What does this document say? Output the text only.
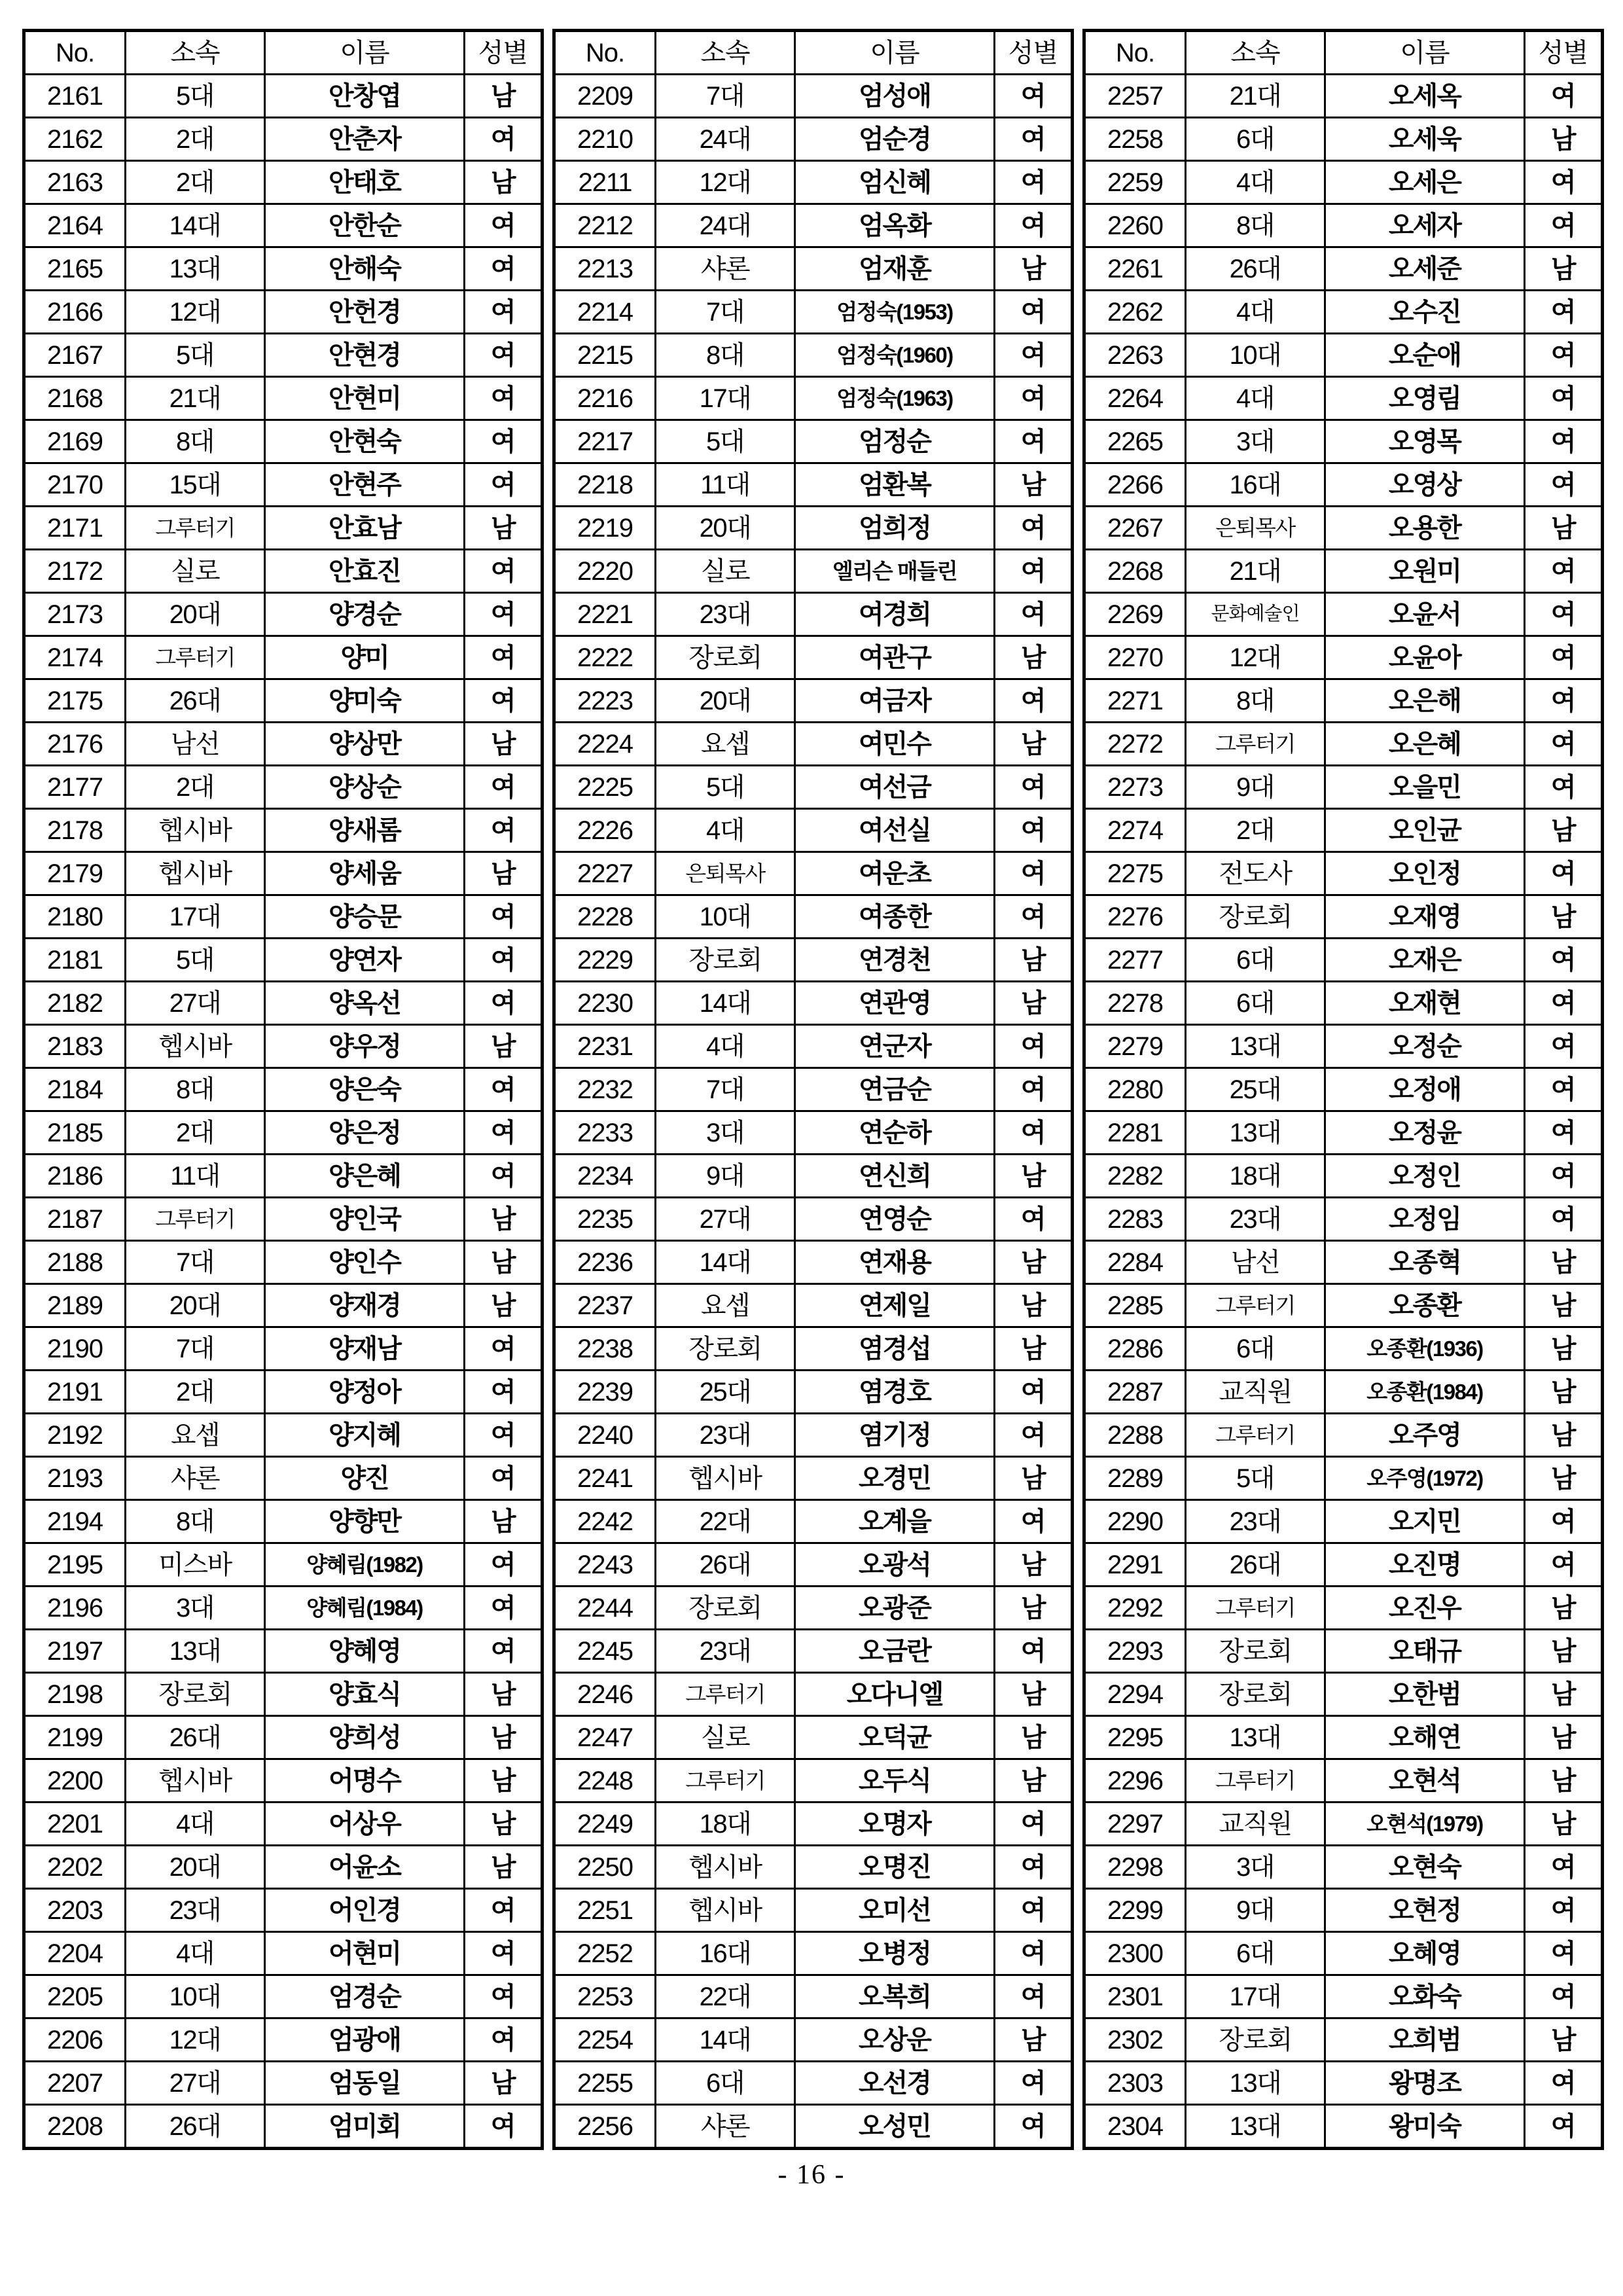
No.	소속	이름	성별
2161	5대	안창엽	남
2162	2대	안춘자	여
2163	2대	안태호	남
2164	14대	안한순	여
2165	13대	안해숙	여
2166	12대	안헌경	여
2167	5대	안현경	여
2168	21대	안현미	여
2169	8대	안현숙	여
2170	15대	안현주	여
2171	그루터기	안효남	남
2172	실로	안효진	여
2173	20대	양경순	여
2174	그루터기	양미	여
2175	26대	양미숙	여
2176	남선	양상만	남
2177	2대	양상순	여
2178	헵시바	양새롬	여
2179	헵시바	양세움	남
2180	17대	양승문	여
2181	5대	양연자	여
2182	27대	양옥선	여
2183	헵시바	양우정	남
2184	8대	양은숙	여
2185	2대	양은정	여
2186	11대	양은혜	여
2187	그루터기	양인국	남
2188	7대	양인수	남
2189	20대	양재경	남
2190	7대	양재남	여
2191	2대	양정아	여
2192	요셉	양지혜	여
2193	샤론	양진	여
2194	8대	양향만	남
2195	미스바	양혜림(1982)	여
2196	3대	양혜림(1984)	여
2197	13대	양혜영	여
2198	장로회	양효식	남
2199	26대	양희성	남
2200	헵시바	어명수	남
2201	4대	어상우	남
2202	20대	어윤소	남
2203	23대	어인경	여
2204	4대	어현미	여
2205	10대	엄경순	여
2206	12대	엄광애	여
2207	27대	엄동일	남
2208	26대	엄미회	여
No.	소속	이름	성별
2209	7대	엄성애	여
2210	24대	엄순경	여
2211	12대	엄신혜	여
2212	24대	엄옥화	여
2213	샤론	엄재훈	남
2214	7대	엄정숙(1953)	여
2215	8대	엄정숙(1960)	여
2216	17대	엄정숙(1963)	여
2217	5대	엄정순	여
2218	11대	엄환복	남
2219	20대	엄희정	여
2220	실로	엘리슨 매들린	여
2221	23대	여경희	여
2222	장로회	여관구	남
2223	20대	여금자	여
2224	요셉	여민수	남
2225	5대	여선금	여
2226	4대	여선실	여
2227	은퇴목사	여운초	여
2228	10대	여종한	여
2229	장로회	연경천	남
2230	14대	연관영	남
2231	4대	연군자	여
2232	7대	연금순	여
2233	3대	연순하	여
2234	9대	연신희	남
2235	27대	연영순	여
2236	14대	연재용	남
2237	요셉	연제일	남
2238	장로회	염경섭	남
2239	25대	염경호	여
2240	23대	염기정	여
2241	헵시바	오경민	남
2242	22대	오계을	여
2243	26대	오광석	남
2244	장로회	오광준	남
2245	23대	오금란	여
2246	그루터기	오다니엘	남
2247	실로	오덕균	남
2248	그루터기	오두식	남
2249	18대	오명자	여
2250	헵시바	오명진	여
2251	헵시바	오미선	여
2252	16대	오병정	여
2253	22대	오복희	여
2254	14대	오상운	남
2255	6대	오선경	여
2256	샤론	오성민	여
No.	소속	이름	성별
2257	21대	오세옥	여
2258	6대	오세욱	남
2259	4대	오세은	여
2260	8대	오세자	여
2261	26대	오세준	남
2262	4대	오수진	여
2263	10대	오순애	여
2264	4대	오영림	여
2265	3대	오영목	여
2266	16대	오영상	여
2267	은퇴목사	오용한	남
2268	21대	오원미	여
2269	문화예술인	오윤서	여
2270	12대	오윤아	여
2271	8대	오은해	여
2272	그루터기	오은혜	여
2273	9대	오을민	여
2274	2대	오인균	남
2275	전도사	오인정	여
2276	장로회	오재영	남
2277	6대	오재은	여
2278	6대	오재현	여
2279	13대	오정순	여
2280	25대	오정애	여
2281	13대	오정윤	여
2282	18대	오정인	여
2283	23대	오정임	여
2284	남선	오종혁	남
2285	그루터기	오종환	남
2286	6대	오종환(1936)	남
2287	교직원	오종환(1984)	남
2288	그루터기	오주영	남
2289	5대	오주영(1972)	남
2290	23대	오지민	여
2291	26대	오진명	여
2292	그루터기	오진우	남
2293	장로회	오태규	남
2294	장로회	오한범	남
2295	13대	오해연	남
2296	그루터기	오현석	남
2297	교직원	오현석(1979)	남
2298	3대	오현숙	여
2299	9대	오현정	여
2300	6대	오혜영	여
2301	17대	오화숙	여
2302	장로회	오희범	남
2303	13대	왕명조	여
2304	13대	왕미숙	여
- 16 -
